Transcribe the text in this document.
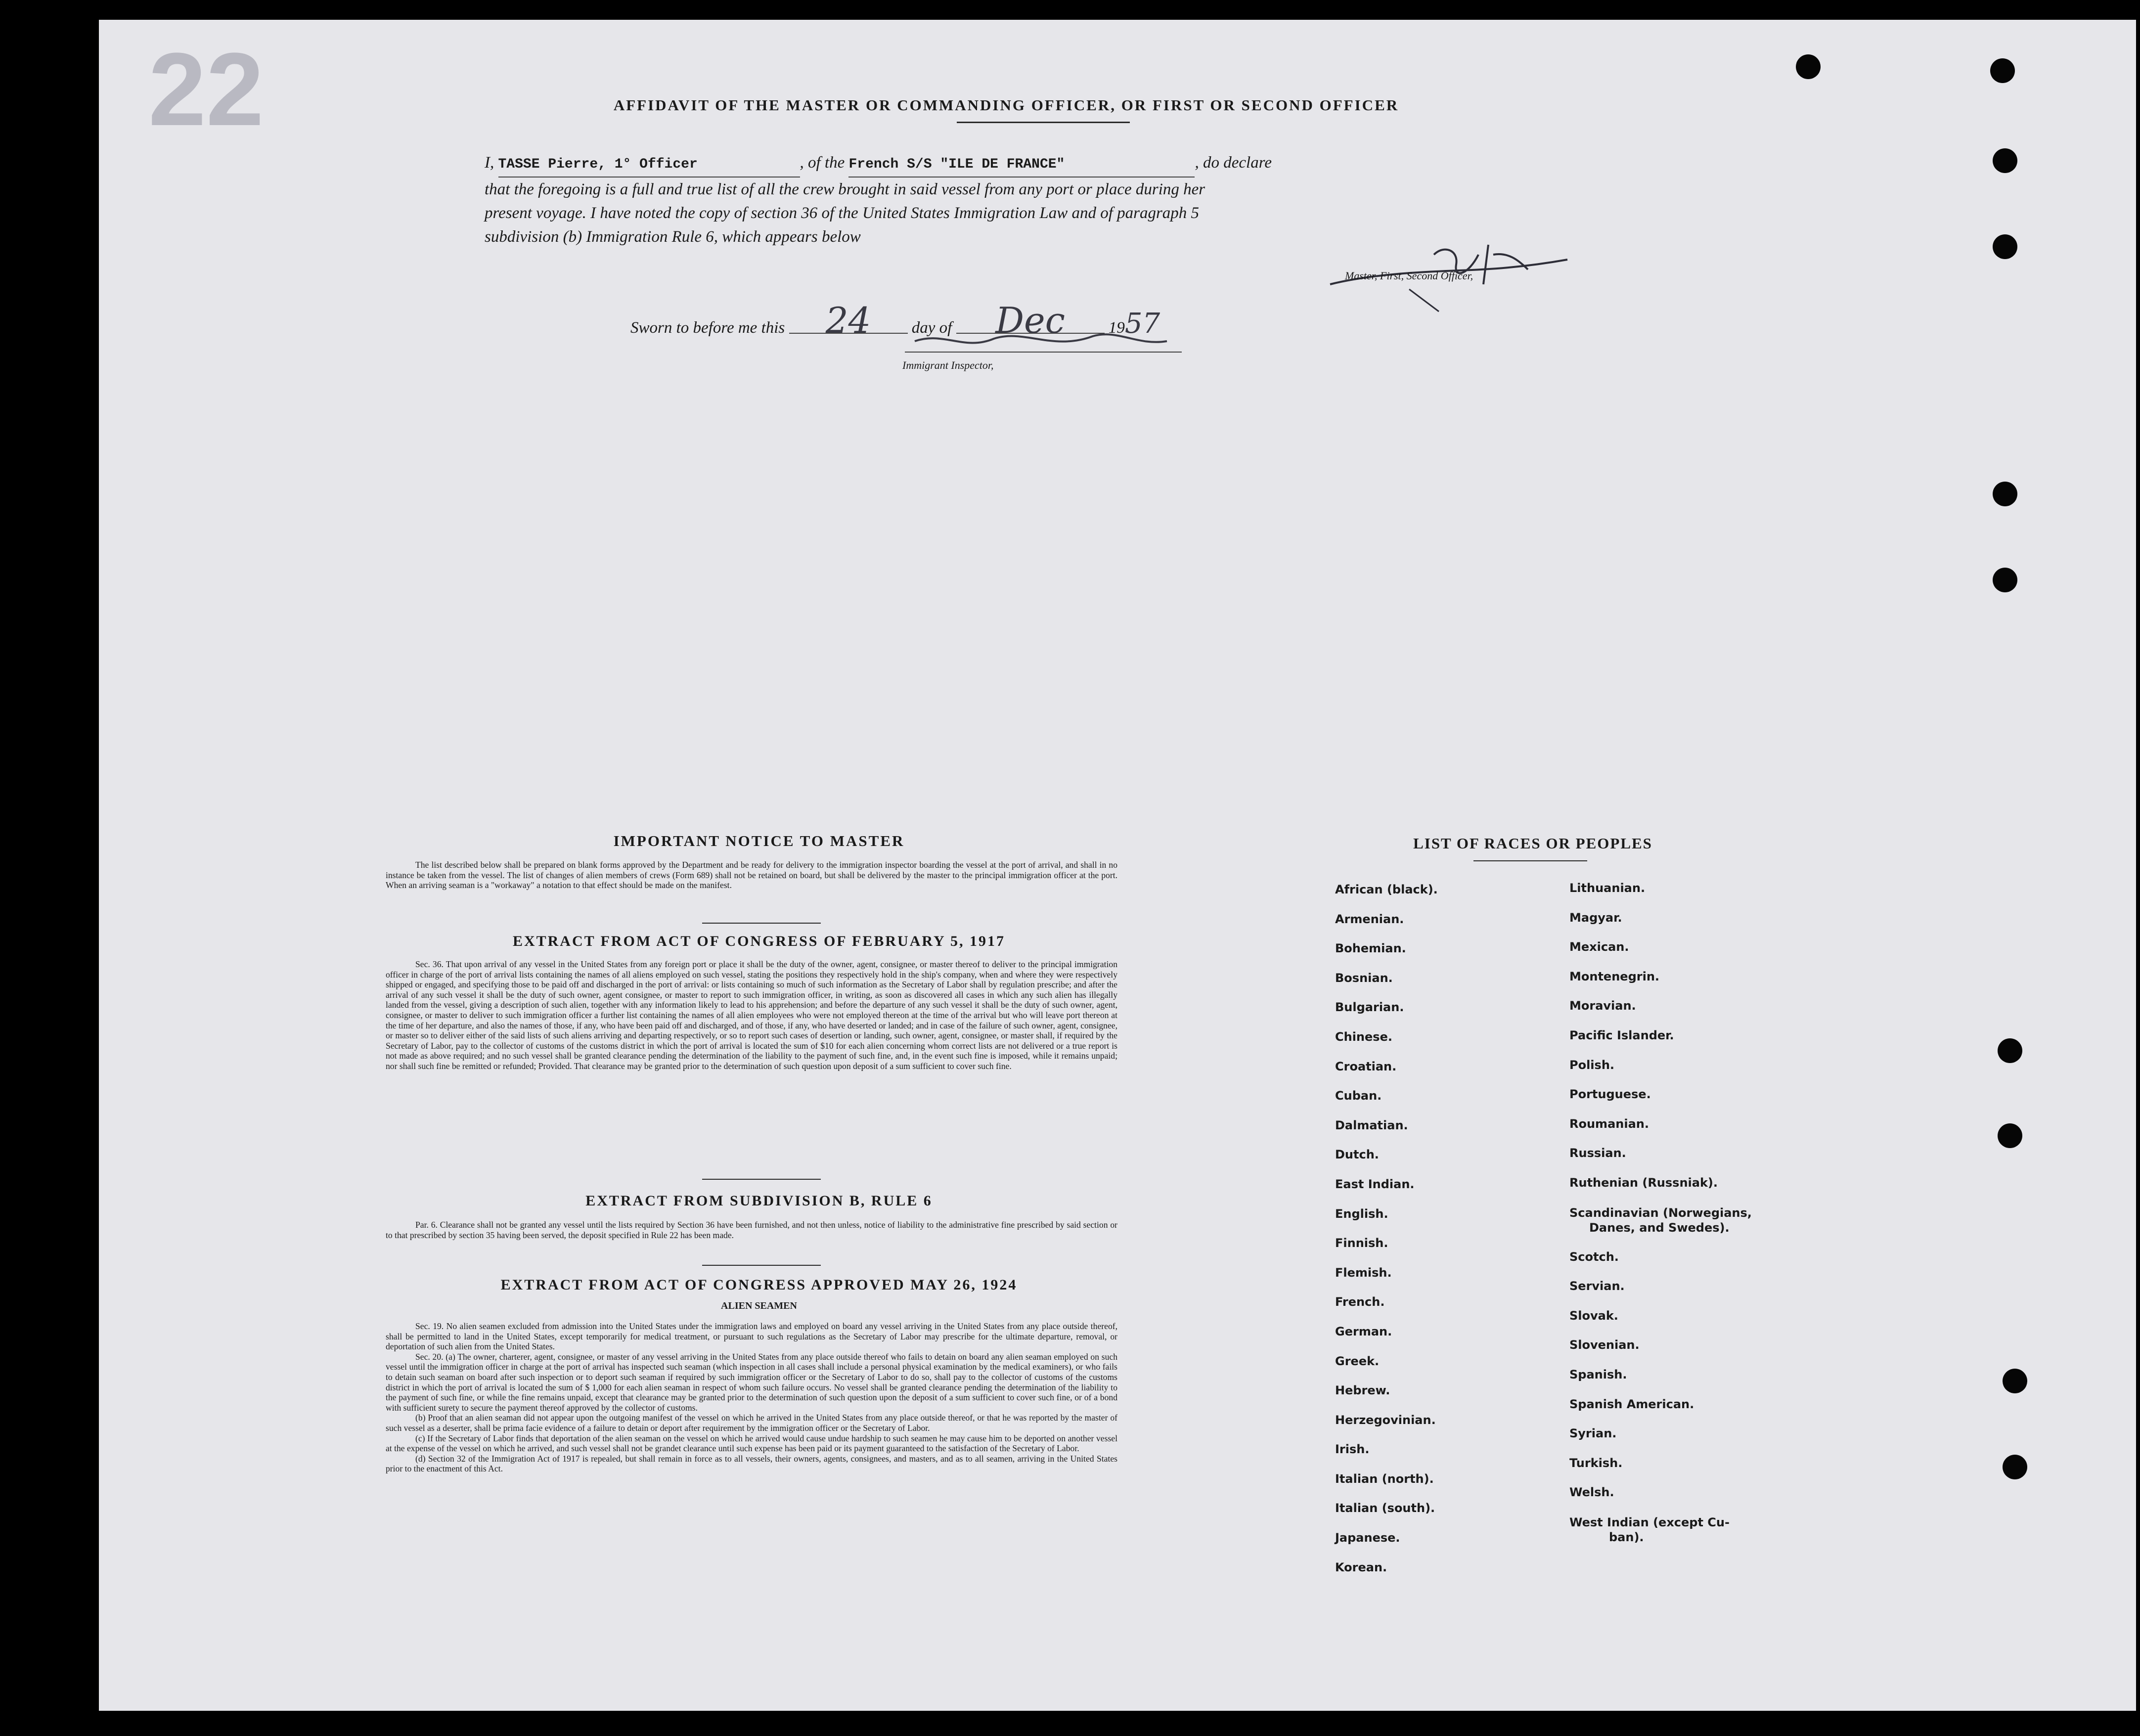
22	AFFIDAVIT OF THE MASTER OR COMMANDING OFFICER, OR FIRST OR SECOND OFFICER
I, TASSE Pierre, 1° Officer	, of the French S/S "ILE DE FRANCE"	, do declare
that the foregoing is a full and true list of all the crew brought in said vessel from any port or place during her
present voyage. I have noted the copy of section 36 of the United States Immigration Law and of paragraph 5
subdivision (b) Immigration Rule 6, which appears below
Master, First, Second Officer,
Sworn to before me this 24 day of Dec	1957
Immigrant Inspector,
IMPORTANT NOTICE TO MASTER
The list described below shall be prepared on blank forms approved by the Department and be ready for delivery to the immigration inspector boarding the vessel at the port of arrival, and shall in no instance be taken from the vessel. The list of changes of alien members of crews (Form 689) shall not be retained on board, but shall be delivered by the master to the principal immigration officer at the port. When an arriving seaman is a "workaway" a notation to that effect should be made on the manifest.
EXTRACT FROM ACT OF CONGRESS OF FEBRUARY 5, 1917
Sec. 36. That upon arrival of any vessel in the United States from any foreign port or place it shall be the duty of the owner, agent, consignee, or master thereof to deliver to the principal immigration officer in charge of the port of arrival lists containing the names of all aliens employed on such vessel, stating the positions they respectively hold in the ship's company, when and where they were respectively shipped or engaged, and specifying those to be paid off and discharged in the port of arrival: or lists containing so much of such information as the Secretary of Labor shall by regulation prescribe; and after the arrival of any such vessel it shall be the duty of such owner, agent consignee, or master to report to such immigration officer, in writing, as soon as discovered all cases in which any such alien has illegally landed from the vessel, giving a description of such alien, together with any information likely to lead to his apprehension; and before the departure of any such vessel it shall be the duty of such owner, agent, consignee, or master to deliver to such immigration officer a further list containing the names of all alien employees who were not employed thereon at the time of the arrival but who will leave port thereon at the time of her departure, and also the names of those, if any, who have been paid off and discharged, and of those, if any, who have deserted or landed; and in case of the failure of such owner, agent, consignee, or master so to deliver either of the said lists of such aliens arriving and departing respectively, or so to report such cases of desertion or landing, such owner, agent, consignee, or master shall, if required by the Secretary of Labor, pay to the collector of customs of the customs district in which the port of arrival is located the sum of $10 for each alien concerning whom correct lists are not delivered or a true report is not made as above required; and no such vessel shall be granted clearance pending the determination of the liability to the payment of such fine, and, in the event such fine is imposed, while it remains unpaid; nor shall such fine be remitted or refunded; Provided. That clearance may be granted prior to the determination of such question upon deposit of a sum sufficient to cover such fine.
EXTRACT FROM SUBDIVISION B, RULE 6
Par. 6. Clearance shall not be granted any vessel until the lists required by Section 36 have been furnished, and not then unless, notice of liability to the administrative fine prescribed by said section or to that prescribed by section 35 having been served, the deposit specified in Rule 22 has been made.
EXTRACT FROM ACT OF CONGRESS APPROVED MAY 26, 1924
ALIEN SEAMEN
Sec. 19. No alien seamen excluded from admission into the United States under the immigration laws and employed on board any vessel arriving in the United States from any place outside thereof, shall be permitted to land in the United States, except temporarily for medical treatment, or pursuant to such regulations as the Secretary of Labor may prescribe for the ultimate departure, removal, or deportation of such alien from the United States.
Sec. 20. (a) The owner, charterer, agent, consignee, or master of any vessel arriving in the United States from any place outside thereof who fails to detain on board any alien seaman employed on such vessel until the immigration officer in charge at the port of arrival has inspected such seaman (which inspection in all cases shall include a personal physical examination by the medical examiners), or who fails to detain such seaman on board after such inspection or to deport such seaman if required by such immigration officer or the Secretary of Labor to do so, shall pay to the collector of customs of the customs district in which the port of arrival is located the sum of $ 1,000 for each alien seaman in respect of whom such failure occurs. No vessel shall be granted clearance pending the determination of the liability to the payment of such fine, or while the fine remains unpaid, except that clearance may be granted prior to the determination of such question upon the deposit of a sum sufficient to cover such fine, or of a bond with sufficient surety to secure the payment thereof approved by the collector of customs.
(b) Proof that an alien seaman did not appear upon the outgoing manifest of the vessel on which he arrived in the United States from any place outside thereof, or that he was reported by the master of such vessel as a deserter, shall be prima facie evidence of a failure to detain or deport after requirement by the immigration officer or the Secretary of Labor.
(c) If the Secretary of Labor finds that deportation of the alien seaman on the vessel on which he arrived would cause undue hardship to such seamen he may cause him to be deported on another vessel at the expense of the vessel on which he arrived, and such vessel shall not be grandet clearance until such expense has been paid or its payment guaranteed to the satisfaction of the Secretary of Labor.
(d) Section 32 of the Immigration Act of 1917 is repealed, but shall remain in force as to all vessels, their owners, agents, consignees, and masters, and as to all seamen, arriving in the United States prior to the enactment of this Act.
LIST OF RACES OR PEOPLES
African (black).
Armenian.
Bohemian.
Bosnian.
Bulgarian.
Chinese.
Croatian.
Cuban.
Dalmatian.
Dutch.
East Indian.
English.
Finnish.
Flemish.
French.
German.
Greek.
Hebrew.
Herzegovinian.
Irish.
Italian (north).
Italian (south).
Japanese.
Korean.
Lithuanian.
Magyar.
Mexican.
Montenegrin.
Moravian.
Pacific Islander.
Polish.
Portuguese.
Roumanian.
Russian.
Ruthenian (Russniak).
Scandinavian (Norwegians,
Danes, and Swedes).
Scotch.
Servian.
Slovak.
Slovenian.
Spanish.
Spanish American.
Syrian.
Turkish.
Welsh.
West Indian (except Cu-
ban).
